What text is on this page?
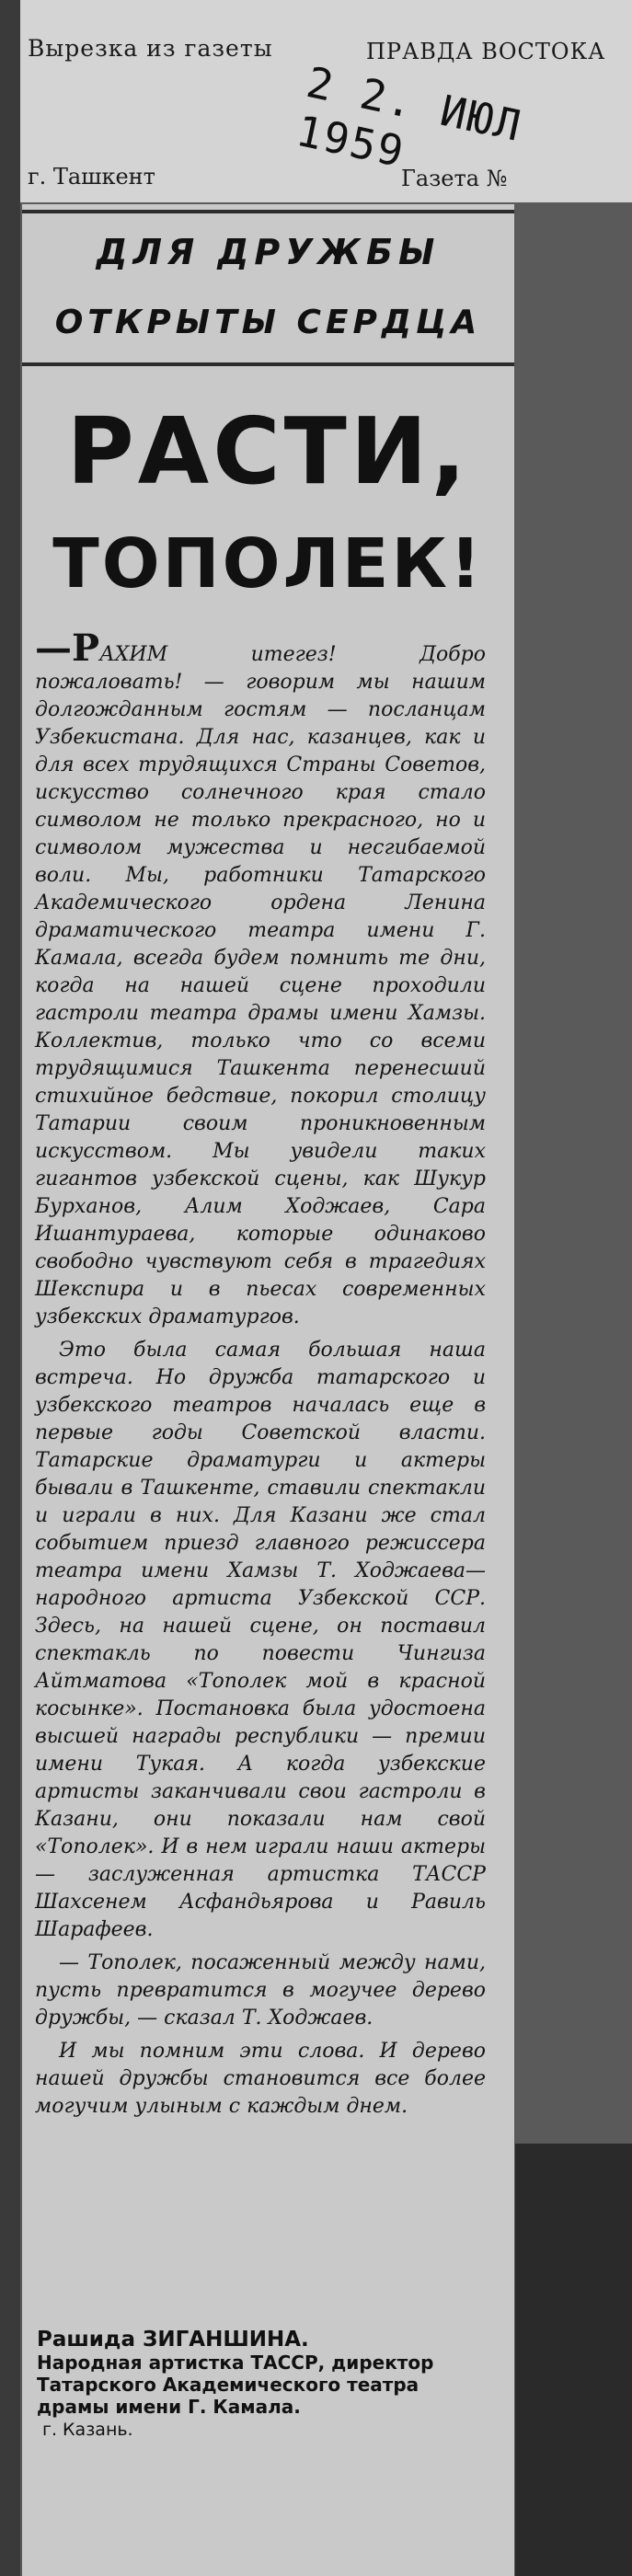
Вырезка из газеты	ПРАВДА ВОСТОКА
2 2. ИЮЛ 1959
г. Ташкент	Газета №
ДЛЯ ДРУЖБЫ
ОТКРЫТЫ СЕРДЦА
РАСТИ,
ТОПОЛЕК!

—РАХИМ итегез! Добро пожаловать! — говорим мы нашим долгожданным гостям — посланцам Узбекистана. Для нас, казанцев, как и для всех трудящихся Страны Советов, искусство солнечного края стало символом не только прекрасного, но и символом мужества и несгибаемой воли. Мы, работники Татарского Академического ордена Ленина драматического театра имени Г. Камала, всегда будем помнить те дни, когда на нашей сцене проходили гастроли театра драмы имени Хамзы. Коллектив, только что со всеми трудящимися Ташкента перенесший стихийное бедствие, покорил столицу Татарии своим проникновенным искусством. Мы увидели таких гигантов узбекской сцены, как Шукур Бурханов, Алим Ходжаев, Сара Ишантураева, которые одинаково свободно чувствуют себя в трагедиях Шекспира и в пьесах современных узбекских драматургов.

Это была самая большая наша встреча. Но дружба татарского и узбекского театров началась еще в первые годы Советской власти. Татарские драматурги и актеры бывали в Ташкенте, ставили спектакли и играли в них. Для Казани же стал событием приезд главного режиссера театра имени Хамзы Т. Ходжаева—народного артиста Узбекской ССР. Здесь, на нашей сцене, он поставил спектакль по повести Чингиза Айтматова «Тополек мой в красной косынке». Постановка была удостоена высшей награды республики — премии имени Тукая. А когда узбекские артисты заканчивали свои гастроли в Казани, они показали нам свой «Тополек». И в нем играли наши актеры — заслуженная артистка ТАССР Шахсенем Асфандьярова и Равиль Шарафеев.

— Тополек, посаженный между нами, пусть превратится в могучее дерево дружбы, — сказал Т. Ходжаев.

И мы помним эти слова. И дерево нашей дружбы становится все более могучим улыным с каждым днем.

Рашида ЗИГАНШИНА.
Народная артистка ТАССР, директор Татарского Академического театра драмы имени Г. Камала.
г. Казань.
